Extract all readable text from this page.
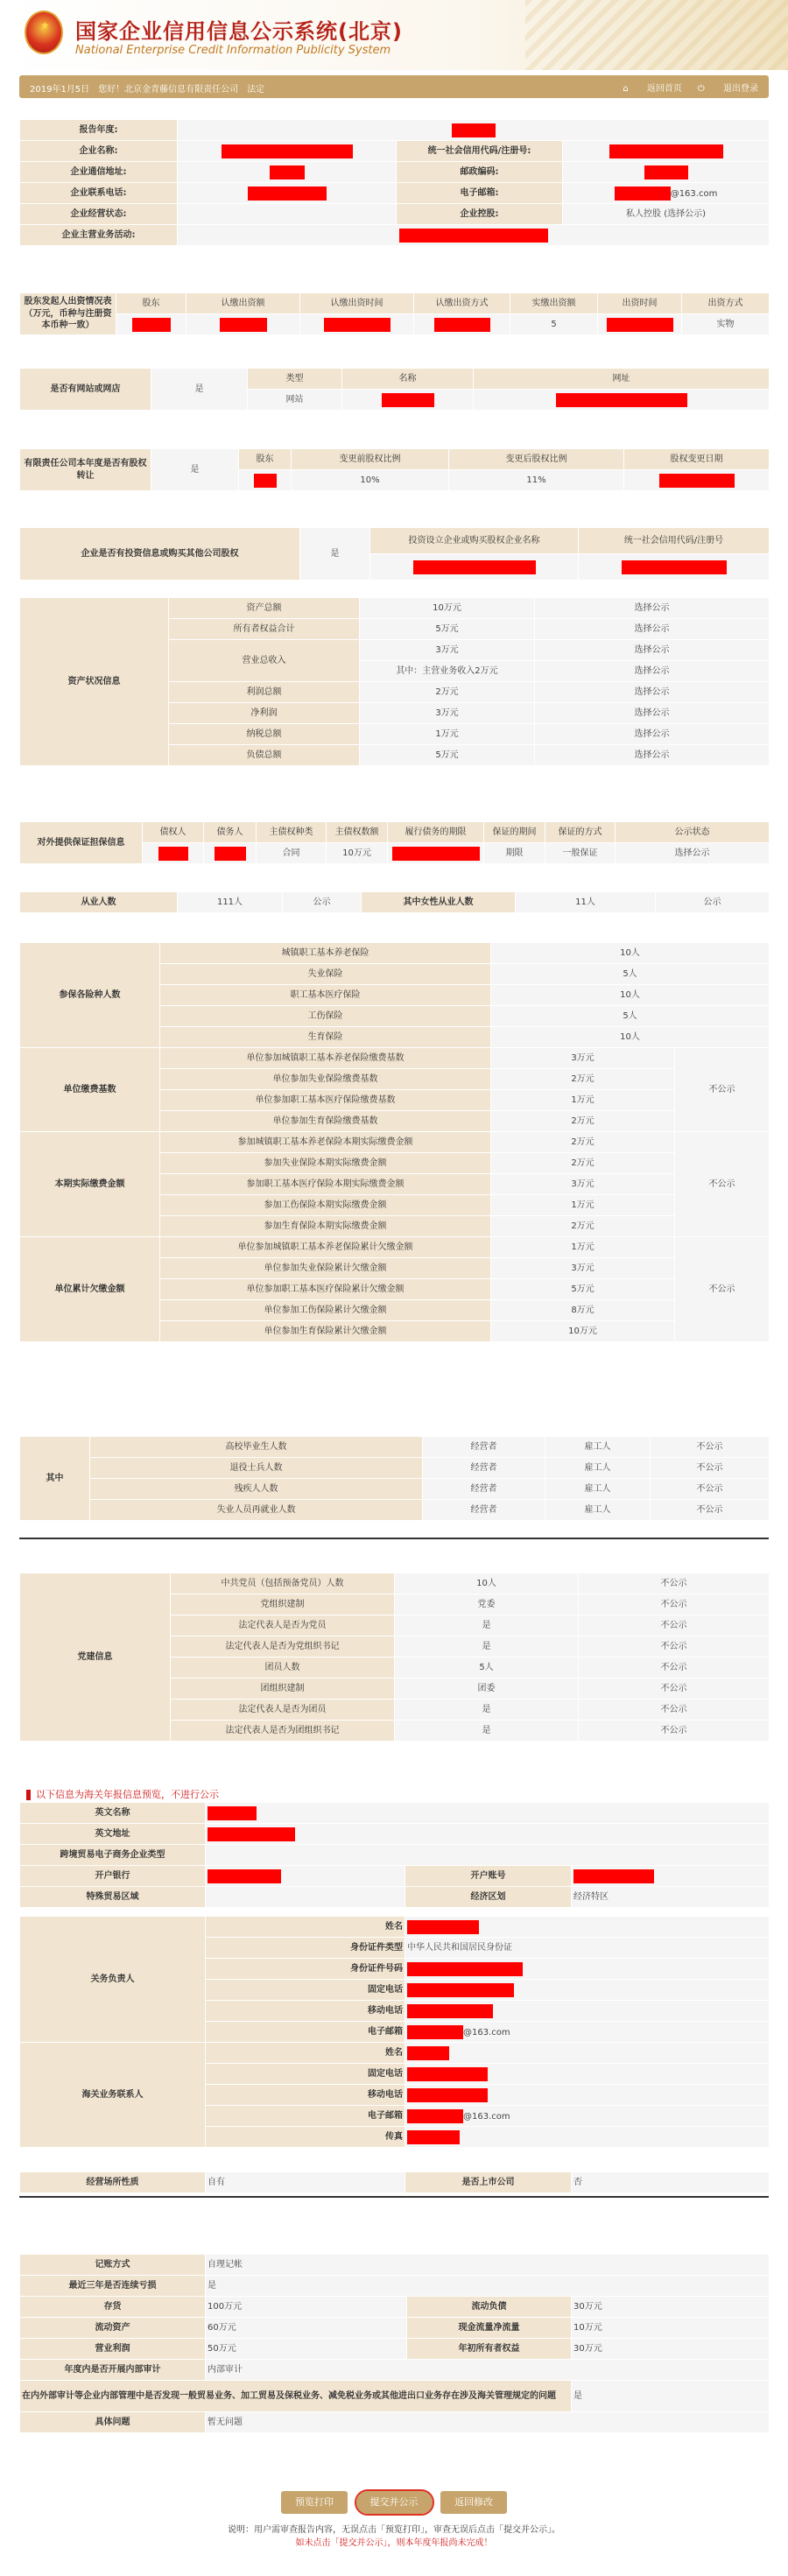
★ 国家企业信用信息公示系统(北京)
National Enterprise Credit Information Publicity System
2019年1月5日 您好！北京金青藤信息有限责任公司 法定	⌂ 返回首页 ⏻ 退出登录
报告年度:			
企业名称:		统一社会信用代码/注册号:	
企业通信地址:		邮政编码:	
企业联系电话:		电子邮箱:	@163.com
企业经营状态:		企业控股:	私人控股 (选择公示)
企业主营业务活动:			
股东发起人出资情况表（万元，币种与注册资本币种一致）	股东	认缴出资额	认缴出资时间	认缴出资方式	实缴出资额	出资时间	出资方式
					5		实物
是否有网站或网店	是	类型	名称	网址
		网站		
有限责任公司本年度是否有股权转让	是	股东	变更前股权比例	变更后股权比例	股权变更日期
			10%	11%	
企业是否有投资信息或购买其他公司股权	是	投资设立企业或购买股权企业名称	统一社会信用代码/注册号

资产状况信息	资产总额	10万元	选择公示
	所有者权益合计	5万元	选择公示
	营业总收入	3万元	选择公示
		其中：主营业务收入2万元	选择公示
	利润总额	2万元	选择公示
	净利润	3万元	选择公示
	纳税总额	1万元	选择公示
	负债总额	5万元	选择公示
对外提供保证担保信息	债权人	债务人	主债权种类	主债权数额	履行债务的期限	保证的期间	保证的方式	公示状态
			合同	10万元		期限	一般保证	选择公示
从业人数	111人	公示	其中女性从业人数	11人	公示
参保各险种人数	城镇职工基本养老保险	10人	
	失业保险	5人	
	职工基本医疗保险	10人	
	工伤保险	5人	
	生育保险	10人	
单位缴费基数	单位参加城镇职工基本养老保险缴费基数	3万元	不公示
	单位参加失业保险缴费基数	2万元	
	单位参加职工基本医疗保险缴费基数	1万元	
	单位参加生育保险缴费基数	2万元	
本期实际缴费金额	参加城镇职工基本养老保险本期实际缴费金额	2万元	不公示
	参加失业保险本期实际缴费金额	2万元	
	参加职工基本医疗保险本期实际缴费金额	3万元	
	参加工伤保险本期实际缴费金额	1万元	
	参加生育保险本期实际缴费金额	2万元	
单位累计欠缴金额	单位参加城镇职工基本养老保险累计欠缴金额	1万元	不公示
	单位参加失业保险累计欠缴金额	3万元	
	单位参加职工基本医疗保险累计欠缴金额	5万元	
	单位参加工伤保险累计欠缴金额	8万元	
	单位参加生育保险累计欠缴金额	10万元	
其中	高校毕业生人数	经营者	雇工人	不公示
	退役士兵人数	经营者	雇工人	不公示
	残疾人人数	经营者	雇工人	不公示
	失业人员再就业人数	经营者	雇工人	不公示
党建信息	中共党员（包括预备党员）人数	10人	不公示
	党组织建制	党委	不公示
	法定代表人是否为党员	是	不公示
	法定代表人是否为党组织书记	是	不公示
	团员人数	5人	不公示
	团组织建制	团委	不公示
	法定代表人是否为团员	是	不公示
	法定代表人是否为团组织书记	是	不公示
以下信息为海关年报信息预览，不进行公示
英文名称			
英文地址			
跨境贸易电子商务企业类型			
开户银行		开户账号	
特殊贸易区域		经济区划	经济特区
关务负责人	姓名	
	身份证件类型	中华人民共和国居民身份证
	身份证件号码	
	固定电话	
	移动电话	
	电子邮箱	@163.com
海关业务联系人	姓名	
	固定电话	
	移动电话	
	电子邮箱	@163.com
	传真	
经营场所性质	自有	是否上市公司	否
记账方式	自理记帐		
最近三年是否连续亏损	是		
存货	100万元	流动负债	30万元
流动资产	60万元	现金流量净流量	10万元
营业利润	50万元	年初所有者权益	30万元
年度内是否开展内部审计	内部审计		
在内外部审计等企业内部管理中是否发现一般贸易业务、加工贸易及保税业务、减免税业务或其他进出口业务存在涉及海关管理规定的问题			是
具体问题	暂无问题		
预览打印	提交并公示	返回修改
说明：用户需审查报告内容，无误点击「预览打印」，审查无误后点击「提交并公示」。
如未点击「提交并公示」，则本年度年报尚未完成！
